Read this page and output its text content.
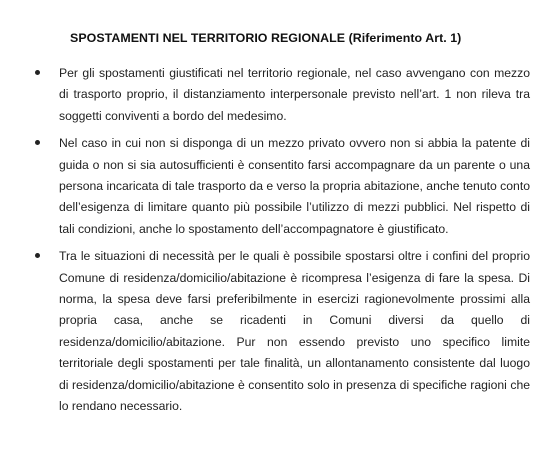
SPOSTAMENTI NEL TERRITORIO REGIONALE (Riferimento Art. 1)
Per gli spostamenti giustificati nel territorio regionale, nel caso avvengano con mezzo di trasporto proprio, il distanziamento interpersonale previsto nell’art. 1 non rileva tra soggetti conviventi a bordo del medesimo.
Nel caso in cui non si disponga di un mezzo privato ovvero non si abbia la patente di guida o non si sia autosufficienti è consentito farsi accompagnare da un parente o una persona incaricata di tale trasporto da e verso la propria abitazione, anche tenuto conto dell’esigenza di limitare quanto più possibile l’utilizzo di mezzi pubblici. Nel rispetto di tali condizioni, anche lo spostamento dell’accompagnatore è giustificato.
Tra le situazioni di necessità per le quali è possibile spostarsi oltre i confini del proprio Comune di residenza/domicilio/abitazione è ricompresa l’esigenza di fare la spesa. Di norma, la spesa deve farsi preferibilmente in esercizi ragionevolmente prossimi alla propria casa, anche se ricadenti in Comuni diversi da quello di residenza/domicilio/abitazione. Pur non essendo previsto uno specifico limite territoriale degli spostamenti per tale finalità, un allontanamento consistente dal luogo di residenza/domicilio/abitazione è consentito solo in presenza di specifiche ragioni che lo rendano necessario.
